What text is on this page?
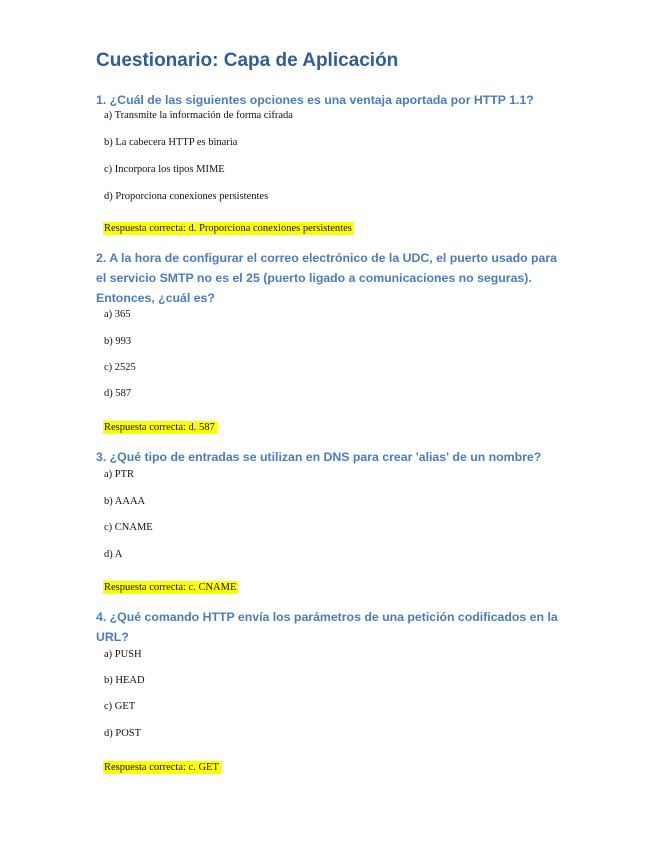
Cuestionario: Capa de Aplicación

1. ¿Cuál de las siguientes opciones es una ventaja aportada por HTTP 1.1?

a) Transmite la información de forma cifrada

b) La cabecera HTTP es binaria

c) Incorpora los tipos MIME

d) Proporciona conexiones persistentes

Respuesta correcta: d. Proporciona conexiones persistentes

2. A la hora de configurar el correo electrónico de la UDC, el puerto usado para el servicio SMTP no es el 25 (puerto ligado a comunicaciones no seguras). Entonces, ¿cuál es?

a) 365

b) 993

c) 2525

d) 587

Respuesta correcta: d. 587

3. ¿Qué tipo de entradas se utilizan en DNS para crear 'alias' de un nombre?

a) PTR

b) AAAA

c) CNAME

d) A

Respuesta correcta: c. CNAME

4. ¿Qué comando HTTP envía los parámetros de una petición codificados en la URL?

a) PUSH

b) HEAD

c) GET

d) POST

Respuesta correcta: c. GET
